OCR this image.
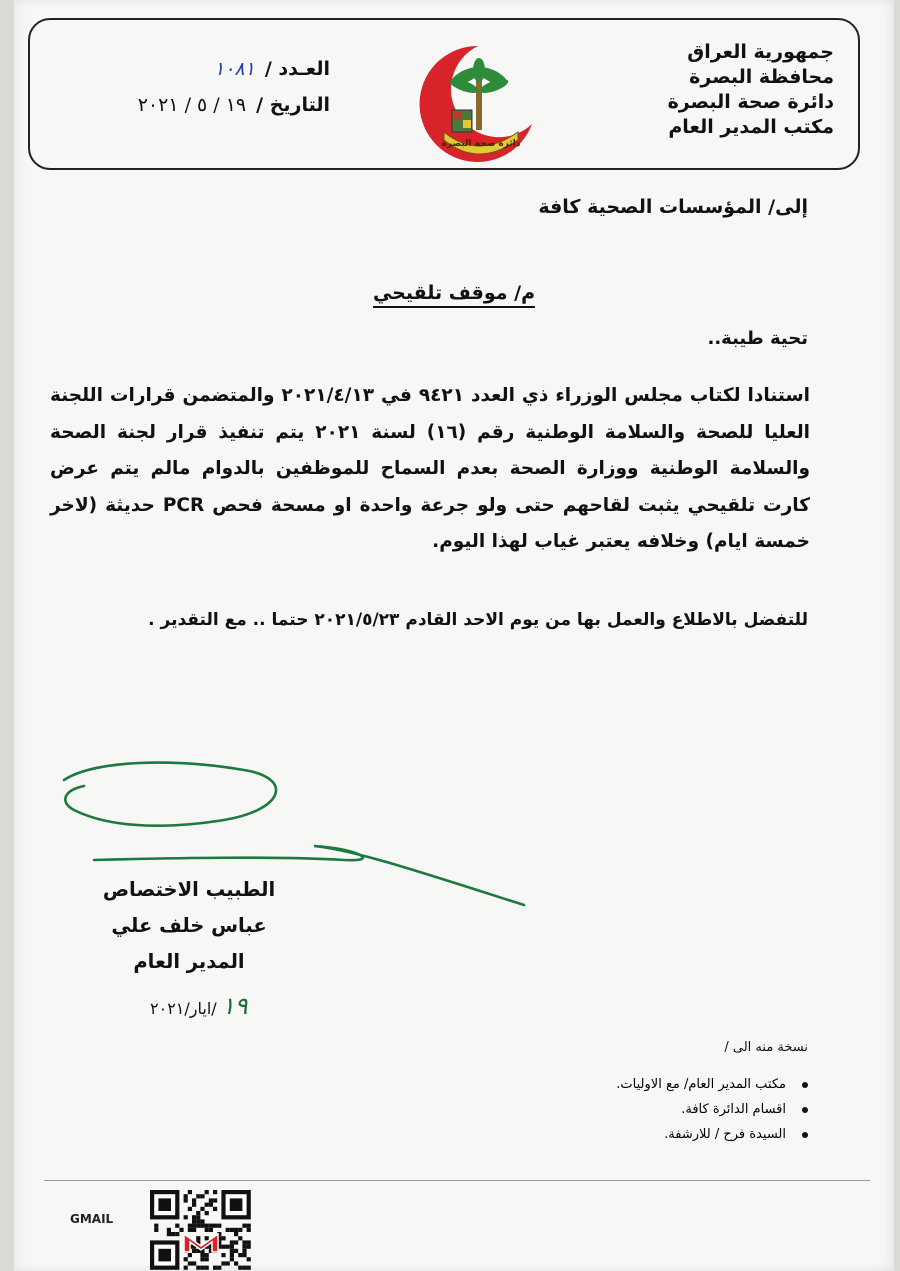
جمهورية العراق
محافظة البصرة
دائرة صحة البصرة
مكتب المدير العام
دائرة صحة البصرة
العـدد /
١٠٨١
التاريخ /
١٩ / ٥ / ٢٠٢١
إلى/ المؤسسات الصحية كافة
م/ موقف تلقيحي
تحية طيبة..
استنادا لكتاب مجلس الوزراء ذي العدد ٩٤٢١ في ٢٠٢١/٤/١٣ والمتضمن قرارات اللجنة العليا للصحة والسلامة الوطنية رقم (١٦) لسنة ٢٠٢١ يتم تنفيذ قرار لجنة الصحة والسلامة الوطنية ووزارة الصحة بعدم السماح للموظفين بالدوام مالم يتم عرض كارت تلقيحي يثبت لقاحهم حتى ولو جرعة واحدة او مسحة فحص PCR حديثة (لاخر خمسة ايام) وخلافه يعتبر غياب لهذا اليوم.
للتفضل بالاطلاع والعمل بها من يوم الاحد القادم ٢٠٢١/٥/٢٣ حتما .. مع التقدير .
الطبيب الاختصاص
عباس خلف علي
المدير العام
١٩ /ايار/٢٠٢١
نسخة منه الى /
مكتب المدير العام/ مع الاوليات.
اقسام الدائرة كافة.
السيدة فرح / للارشفة.
GMAIL
